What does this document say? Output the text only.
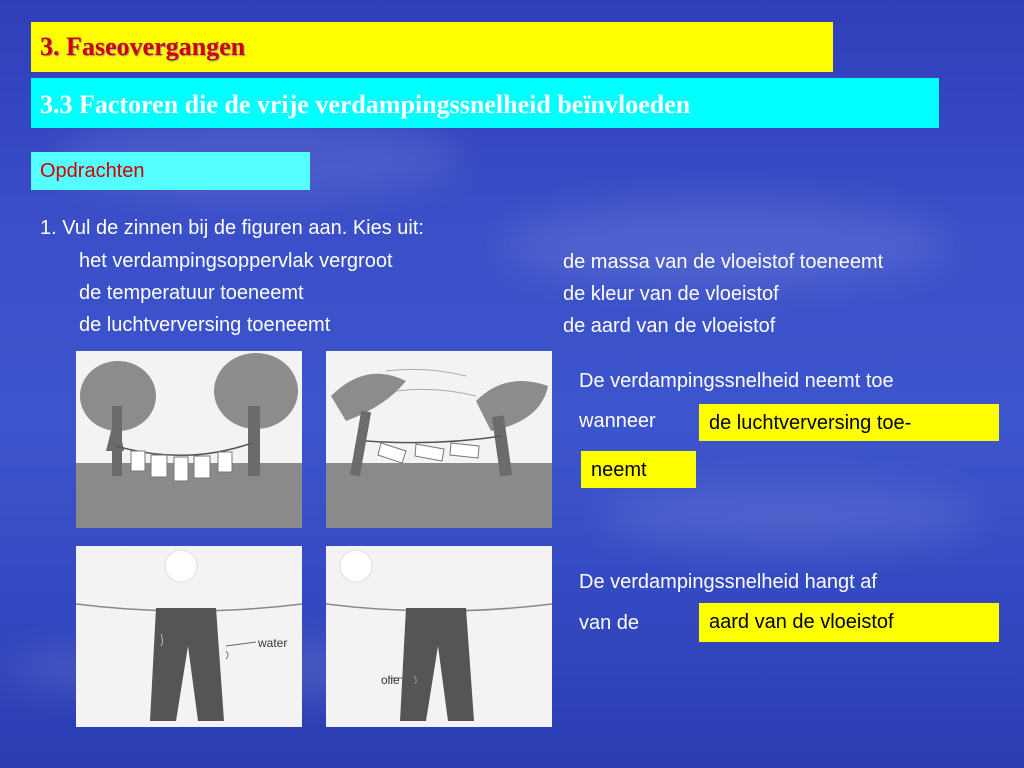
3. Faseovergangen
3.3 Factoren die de vrije verdampingssnelheid beïnvloeden
Opdrachten
1. Vul de zinnen bij de figuren aan. Kies uit:
het verdampingsoppervlak vergroot
de temperatuur toeneemt
de luchtverversing toeneemt
de massa van de vloeistof toeneemt
de kleur van de vloeistof
de aard van de vloeistof
water
olie
De verdampingssnelheid neemt toe
wanneer	de luchtverversing toe-
neemt
De verdampingssnelheid hangt af
van de	aard van de vloeistof
